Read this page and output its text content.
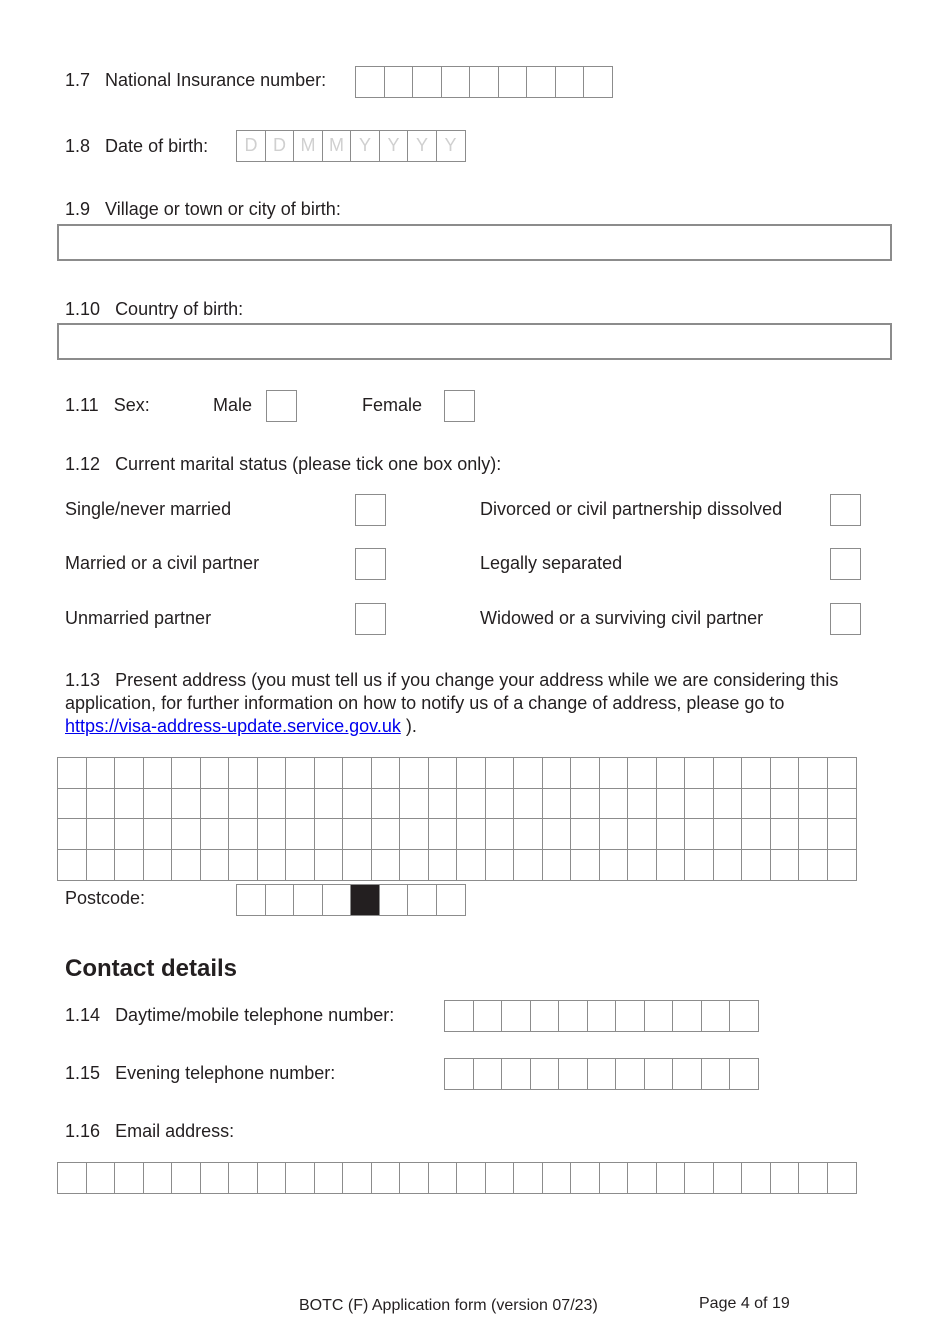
1.7 National Insurance number:
1.8 Date of birth:	D D M M Y Y Y Y
1.9 Village or town or city of birth:
1.10 Country of birth:
1.11 Sex:	Male	Female
1.12 Current marital status (please tick one box only):
Single/never married	Divorced or civil partnership dissolved
Married or a civil partner	Legally separated
Unmarried partner	Widowed or a surviving civil partner
1.13 Present address (you must tell us if you change your address while we are considering this application, for further information on how to notify us of a change of address, please go to
https://visa-address-update.service.gov.uk ).
Postcode:
Contact details
1.14 Daytime/mobile telephone number:
1.15 Evening telephone number:
1.16 Email address:
BOTC (F) Application form (version 07/23)	Page 4 of 19
